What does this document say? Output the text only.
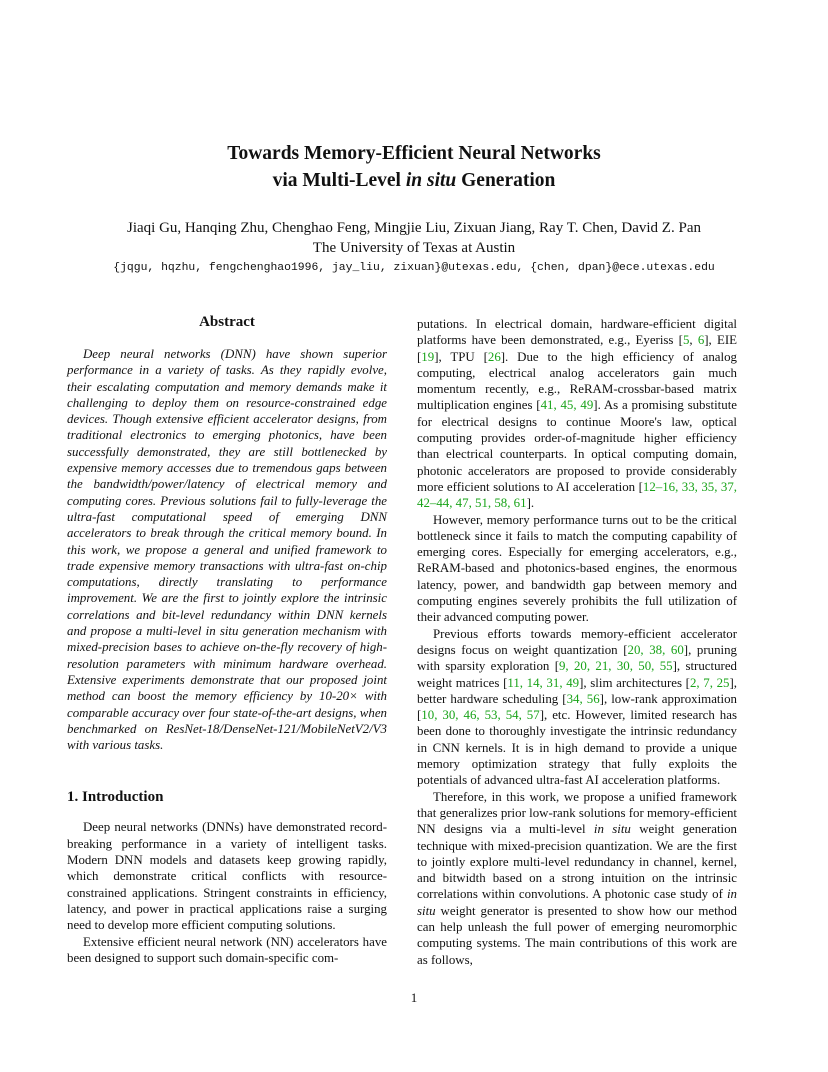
Towards Memory-Efficient Neural Networks
via Multi-Level in situ Generation
Jiaqi Gu, Hanqing Zhu, Chenghao Feng, Mingjie Liu, Zixuan Jiang, Ray T. Chen, David Z. Pan
The University of Texas at Austin
{jqgu, hqzhu, fengchenghao1996, jay_liu, zixuan}@utexas.edu, {chen, dpan}@ece.utexas.edu
Abstract

Deep neural networks (DNN) have shown superior performance in a variety of tasks. As they rapidly evolve, their escalating computation and memory demands make it challenging to deploy them on resource-constrained edge devices. Though extensive efficient accelerator designs, from traditional electronics to emerging photonics, have been successfully demonstrated, they are still bottlenecked by expensive memory accesses due to tremendous gaps between the bandwidth/power/latency of electrical memory and computing cores. Previous solutions fail to fully-leverage the ultra-fast computational speed of emerging DNN accelerators to break through the critical memory bound. In this work, we propose a general and unified framework to trade expensive memory transactions with ultra-fast on-chip computations, directly translating to performance improvement. We are the first to jointly explore the intrinsic correlations and bit-level redundancy within DNN kernels and propose a multi-level in situ generation mechanism with mixed-precision bases to achieve on-the-fly recovery of high-resolution parameters with minimum hardware overhead. Extensive experiments demonstrate that our proposed joint method can boost the memory efficiency by 10-20× with comparable accuracy over four state-of-the-art designs, when benchmarked on ResNet-18/DenseNet-121/MobileNetV2/V3 with various tasks.

1. Introduction

Deep neural networks (DNNs) have demonstrated record-breaking performance in a variety of intelligent tasks. Modern DNN models and datasets keep growing rapidly, which demonstrate critical conflicts with resource-constrained applications. Stringent constraints in efficiency, latency, and power in practical applications raise a surging need to develop more efficient computing solutions.

Extensive efficient neural network (NN) accelerators have been designed to support such domain-specific com-

putations. In electrical domain, hardware-efficient digital platforms have been demonstrated, e.g., Eyeriss [5, 6], EIE [19], TPU [26]. Due to the high efficiency of analog computing, electrical analog accelerators gain much momentum recently, e.g., ReRAM-crossbar-based matrix multiplication engines [41, 45, 49]. As a promising substitute for electrical designs to continue Moore's law, optical computing provides order-of-magnitude higher efficiency than electrical counterparts. In optical computing domain, photonic accelerators are proposed to provide considerably more efficient solutions to AI acceleration [12–16, 33, 35, 37, 42–44, 47, 51, 58, 61].

However, memory performance turns out to be the critical bottleneck since it fails to match the computing capability of emerging cores. Especially for emerging accelerators, e.g., ReRAM-based and photonics-based engines, the enormous latency, power, and bandwidth gap between memory and computing engines severely prohibits the full utilization of their advanced computing power.

Previous efforts towards memory-efficient accelerator designs focus on weight quantization [20, 38, 60], pruning with sparsity exploration [9, 20, 21, 30, 50, 55], structured weight matrices [11, 14, 31, 49], slim architectures [2, 7, 25], better hardware scheduling [34, 56], low-rank approximation [10, 30, 46, 53, 54, 57], etc. However, limited research has been done to thoroughly investigate the intrinsic redundancy in CNN kernels. It is in high demand to provide a unique memory optimization strategy that fully exploits the potentials of advanced ultra-fast AI acceleration platforms.

Therefore, in this work, we propose a unified framework that generalizes prior low-rank solutions for memory-efficient NN designs via a multi-level in situ weight generation technique with mixed-precision quantization. We are the first to jointly explore multi-level redundancy in channel, kernel, and bitwidth based on a strong intuition on the intrinsic correlations within convolutions. A photonic case study of in situ weight generator is presented to show how our method can help unleash the full power of emerging neuromorphic computing systems. The main contributions of this work are as follows,

1
